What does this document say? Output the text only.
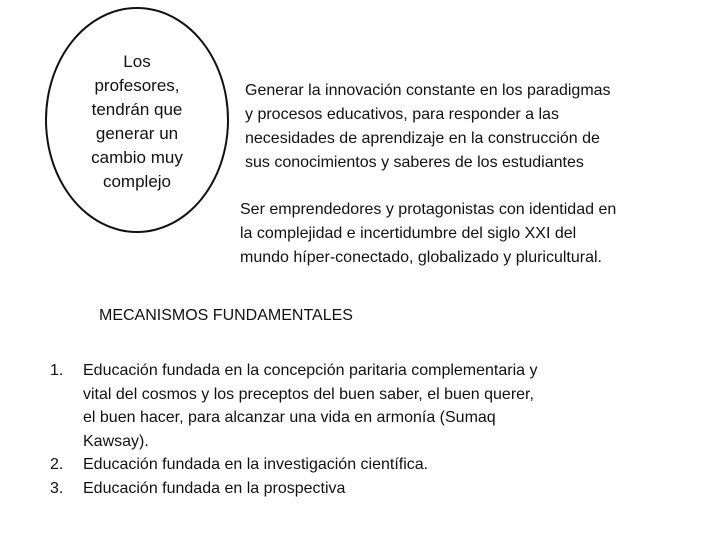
Los
profesores,
tendrán que
generar un
cambio muy
complejo
Generar la innovación constante en los paradigmas
y procesos educativos, para responder a las
necesidades de aprendizaje en la construcción de
sus conocimientos y saberes de los estudiantes
Ser emprendedores y protagonistas con identidad en
la complejidad e incertidumbre del siglo XXI del
mundo híper-conectado, globalizado y pluricultural.
MECANISMOS FUNDAMENTALES
1. Educación fundada en la concepción paritaria complementaria y
vital del cosmos y los preceptos del buen saber, el buen querer,
el buen hacer, para alcanzar una vida en armonía (Sumaq
Kawsay).
2. Educación fundada en la investigación científica.
3. Educación fundada en la prospectiva
